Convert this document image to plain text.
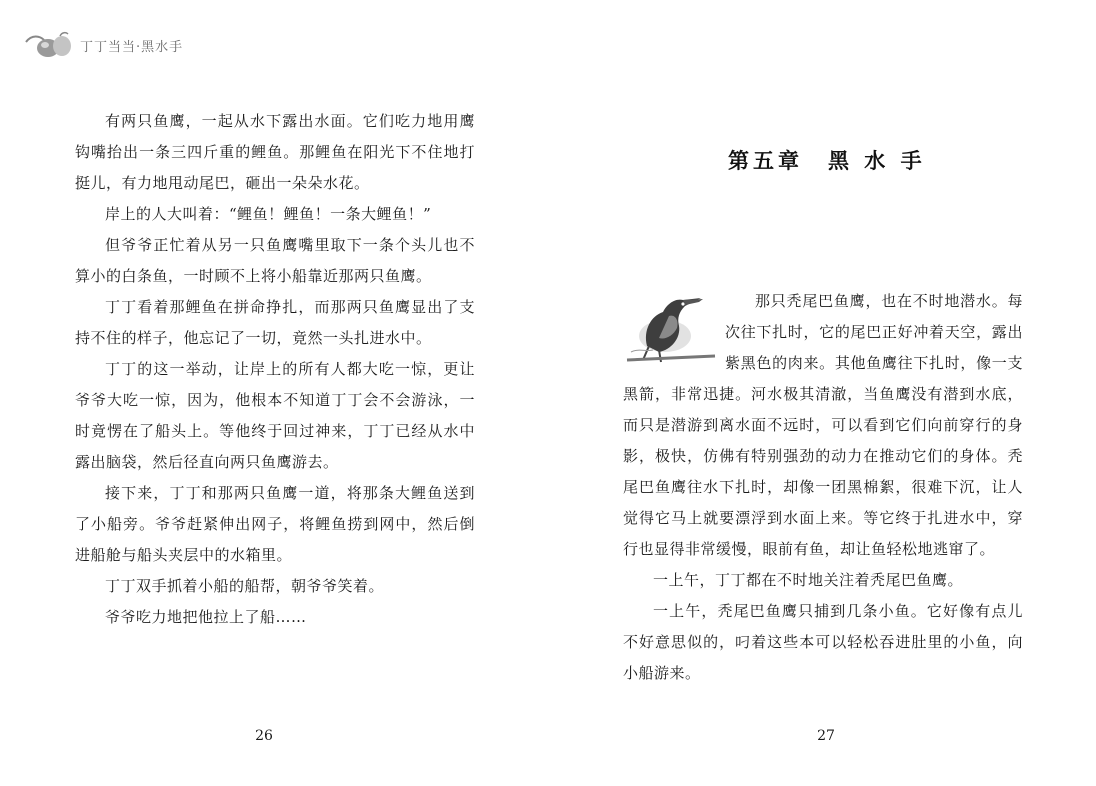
丁丁当当·黑水手

有两只鱼鹰，一起从水下露出水面。它们吃力地用鹰钩嘴抬出一条三四斤重的鲤鱼。那鲤鱼在阳光下不住地打挺儿，有力地甩动尾巴，砸出一朵朵水花。

岸上的人大叫着：“鲤鱼！鲤鱼！一条大鲤鱼！”

但爷爷正忙着从另一只鱼鹰嘴里取下一条个头儿也不算小的白条鱼，一时顾不上将小船靠近那两只鱼鹰。

丁丁看着那鲤鱼在拼命挣扎，而那两只鱼鹰显出了支持不住的样子，他忘记了一切，竟然一头扎进水中。

丁丁的这一举动，让岸上的所有人都大吃一惊，更让爷爷大吃一惊，因为，他根本不知道丁丁会不会游泳，一时竟愣在了船头上。等他终于回过神来，丁丁已经从水中露出脑袋，然后径直向两只鱼鹰游去。

接下来，丁丁和那两只鱼鹰一道，将那条大鲤鱼送到了小船旁。爷爷赶紧伸出网子，将鲤鱼捞到网中，然后倒进船舱与船头夹层中的水箱里。

丁丁双手抓着小船的船帮，朝爷爷笑着。

爷爷吃力地把他拉上了船……

26
第五章　黑 水 手

那只秃尾巴鱼鹰，也在不时地潜水。每次往下扎时，它的尾巴正好冲着天空，露出紫黑色的肉来。其他鱼鹰往下扎时，像一支黑箭，非常迅捷。河水极其清澈，当鱼鹰没有潜到水底，而只是潜游到离水面不远时，可以看到它们向前穿行的身影，极快，仿佛有特别强劲的动力在推动它们的身体。秃尾巴鱼鹰往水下扎时，却像一团黑棉絮，很难下沉，让人觉得它马上就要漂浮到水面上来。等它终于扎进水中，穿行也显得非常缓慢，眼前有鱼，却让鱼轻松地逃窜了。

一上午，丁丁都在不时地关注着秃尾巴鱼鹰。

一上午，秃尾巴鱼鹰只捕到几条小鱼。它好像有点儿不好意思似的，叼着这些本可以轻松吞进肚里的小鱼，向小船游来。

27
